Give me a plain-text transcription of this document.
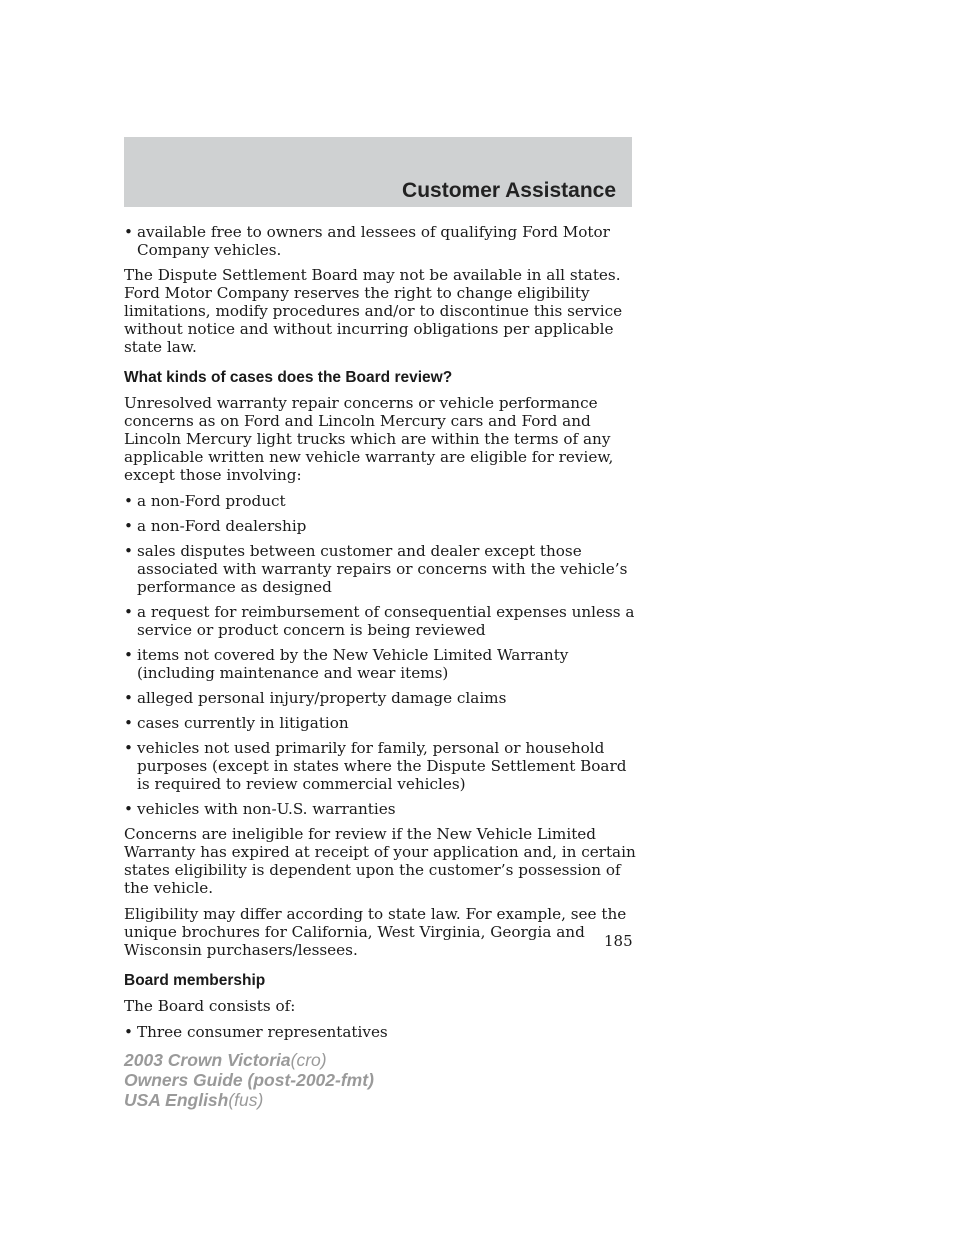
Customer Assistance
• available free to owners and lessees of qualifying Ford Motor Company vehicles.

The Dispute Settlement Board may not be available in all states. Ford Motor Company reserves the right to change eligibility limitations, modify procedures and/or to discontinue this service without notice and without incurring obligations per applicable state law.

What kinds of cases does the Board review?

Unresolved warranty repair concerns or vehicle performance concerns as on Ford and Lincoln Mercury cars and Ford and Lincoln Mercury light trucks which are within the terms of any applicable written new vehicle warranty are eligible for review, except those involving:

• a non-Ford product
• a non-Ford dealership
• sales disputes between customer and dealer except those associated with warranty repairs or concerns with the vehicle’s performance as designed
• a request for reimbursement of consequential expenses unless a service or product concern is being reviewed
• items not covered by the New Vehicle Limited Warranty (including maintenance and wear items)
• alleged personal injury/property damage claims
• cases currently in litigation
• vehicles not used primarily for family, personal or household purposes (except in states where the Dispute Settlement Board is required to review commercial vehicles)
• vehicles with non-U.S. warranties

Concerns are ineligible for review if the New Vehicle Limited Warranty has expired at receipt of your application and, in certain states eligibility is dependent upon the customer’s possession of the vehicle.

Eligibility may differ according to state law. For example, see the unique brochures for California, West Virginia, Georgia and Wisconsin purchasers/lessees.

Board membership

The Board consists of:

• Three consumer representatives

185

2003 Crown Victoria(cro)
Owners Guide (post-2002-fmt)
USA English(fus)
